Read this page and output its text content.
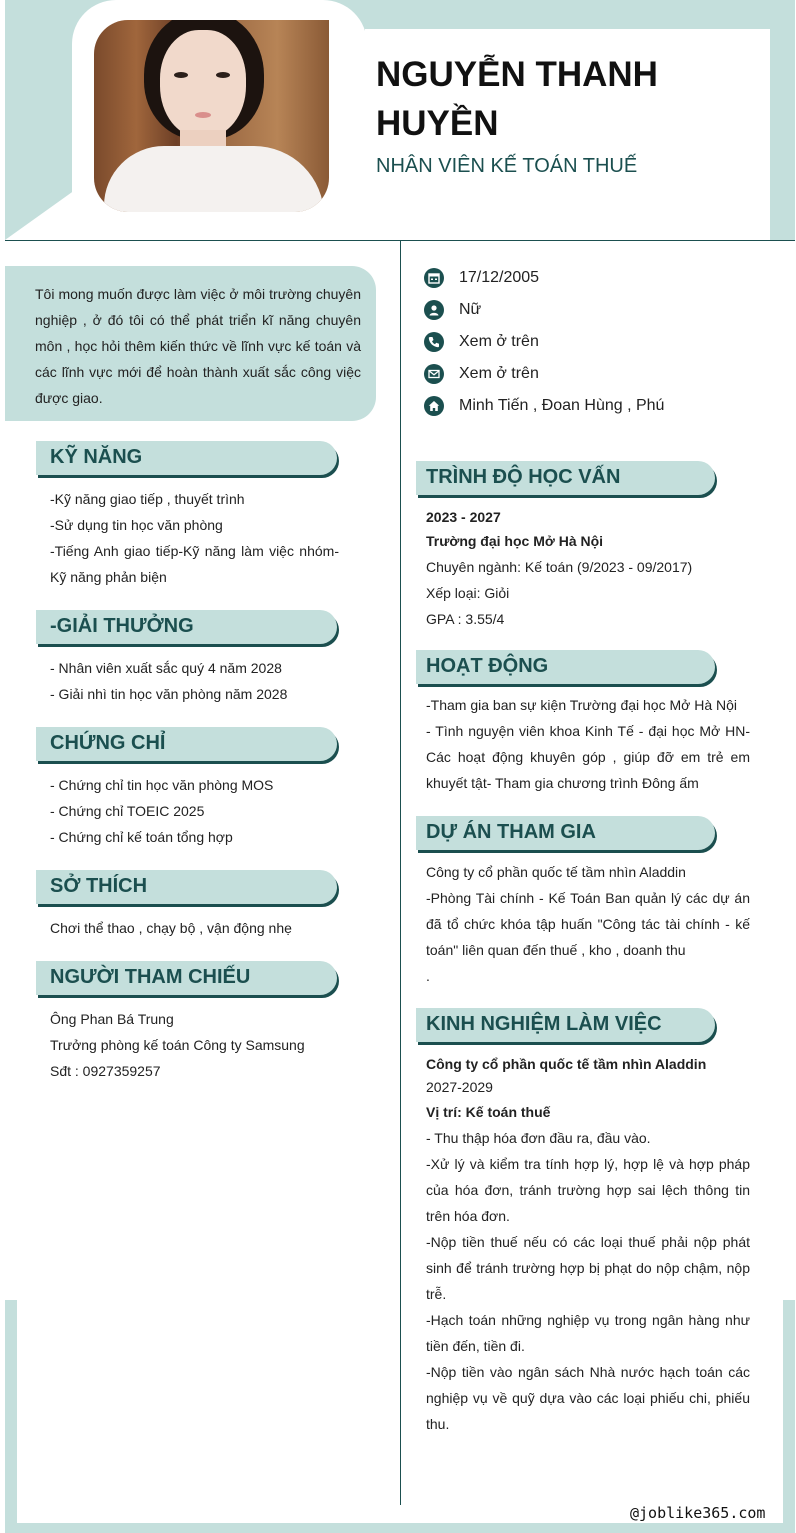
NGUYỄN THANH HUYỀN
NHÂN VIÊN KẾ TOÁN THUẾ
Tôi mong muốn được làm việc ở môi trường chuyên nghiệp , ở đó tôi có thể phát triển kĩ năng chuyên môn , học hỏi thêm kiến thức về lĩnh vực kế toán và các lĩnh vực mới để hoàn thành xuất sắc công việc được giao.
17/12/2005
Nữ
Xem ở trên
Xem ở trên
Minh Tiến , Đoan Hùng , Phú
KỸ NĂNG
-Kỹ năng giao tiếp , thuyết trình
-Sử dụng tin học văn phòng
-Tiếng Anh giao tiếp-Kỹ năng làm việc nhóm-Kỹ năng phản biện
-GIẢI THƯỞNG
- Nhân viên xuất sắc quý 4 năm 2028
- Giải nhì tin học văn phòng năm 2028
CHỨNG CHỈ
- Chứng chỉ tin học văn phòng MOS
- Chứng chỉ TOEIC 2025
- Chứng chỉ kế toán tổng hợp
SỞ THÍCH
Chơi thể thao , chạy bộ , vận động nhẹ
NGƯỜI THAM CHIẾU
Ông Phan Bá Trung
Trưởng phòng kế toán Công ty Samsung
Sđt : 0927359257
TRÌNH ĐỘ HỌC VẤN
2023 - 2027
Trường đại học Mở Hà Nội
Chuyên ngành: Kế toán (9/2023 - 09/2017)
Xếp loại: Giỏi
GPA : 3.55/4
HOẠT ĐỘNG
-Tham gia ban sự kiện Trường đại học Mở Hà Nội
- Tình nguyện viên khoa Kinh Tế - đại học Mở HN-Các hoạt động khuyên góp , giúp đỡ em trẻ em khuyết tật- Tham gia chương trình Đông ấm
DỰ ÁN THAM GIA
Công ty cổ phần quốc tế tầm nhìn Aladdin
-Phòng Tài chính - Kế Toán Ban quản lý các dự án đã tổ chức khóa tập huấn "Công tác tài chính - kế toán" liên quan đến thuế , kho , doanh thu
.
KINH NGHIỆM LÀM VIỆC
Công ty cổ phần quốc tế tầm nhìn Aladdin
2027-2029
Vị trí: Kế toán thuế
- Thu thập hóa đơn đầu ra, đầu vào.
-Xử lý và kiểm tra tính hợp lý, hợp lệ và hợp pháp của hóa đơn, tránh trường hợp sai lệch thông tin trên hóa đơn.
-Nộp tiền thuế nếu có các loại thuế phải nộp phát sinh để tránh trường hợp bị phạt do nộp chậm, nộp trễ.
-Hạch toán những nghiệp vụ trong ngân hàng như tiền đến, tiền đi.
-Nộp tiền vào ngân sách Nhà nước hạch toán các nghiệp vụ về quỹ dựa vào các loại phiếu chi, phiếu thu.
@joblike365.com
